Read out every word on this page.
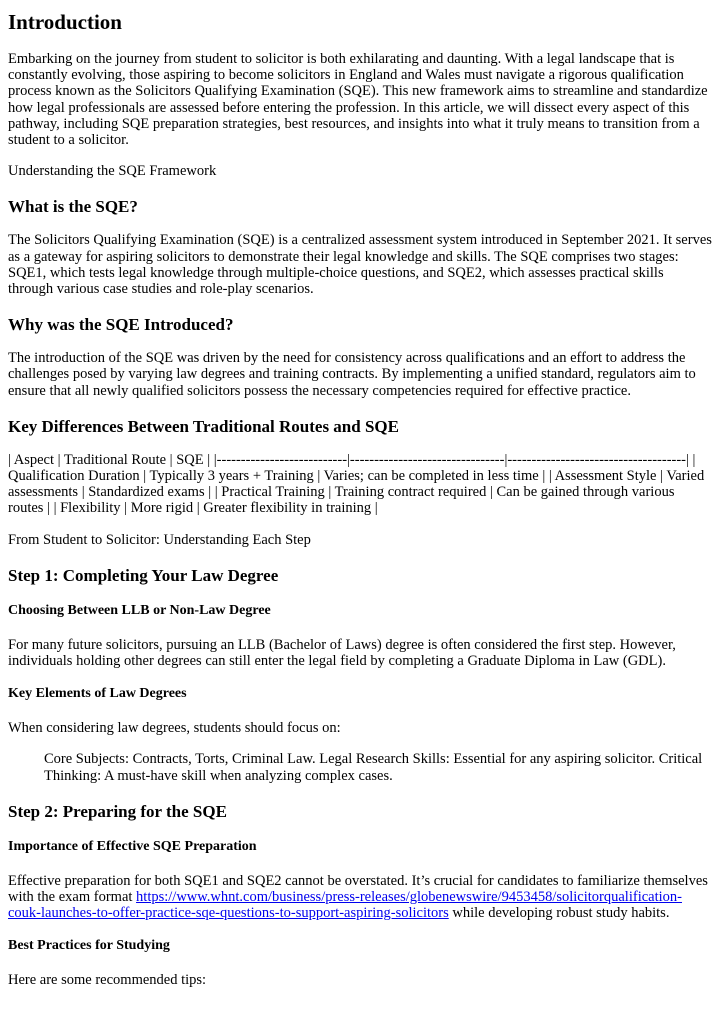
Introduction

Embarking on the journey from student to solicitor is both exhilarating and daunting. With a legal landscape that is constantly evolving, those aspiring to become solicitors in England and Wales must navigate a rigorous qualification process known as the Solicitors Qualifying Examination (SQE). This new framework aims to streamline and standardize how legal professionals are assessed before entering the profession. In this article, we will dissect every aspect of this pathway, including SQE preparation strategies, best resources, and insights into what it truly means to transition from a student to a solicitor.

Understanding the SQE Framework

What is the SQE?

The Solicitors Qualifying Examination (SQE) is a centralized assessment system introduced in September 2021. It serves as a gateway for aspiring solicitors to demonstrate their legal knowledge and skills. The SQE comprises two stages: SQE1, which tests legal knowledge through multiple-choice questions, and SQE2, which assesses practical skills through various case studies and role-play scenarios.

Why was the SQE Introduced?

The introduction of the SQE was driven by the need for consistency across qualifications and an effort to address the challenges posed by varying law degrees and training contracts. By implementing a unified standard, regulators aim to ensure that all newly qualified solicitors possess the necessary competencies required for effective practice.

Key Differences Between Traditional Routes and SQE

| Aspect | Traditional Route | SQE | |---------------------------|--------------------------------|-------------------------------------| | Qualification Duration | Typically 3 years + Training | Varies; can be completed in less time | | Assessment Style | Varied assessments | Standardized exams | | Practical Training | Training contract required | Can be gained through various routes | | Flexibility | More rigid | Greater flexibility in training |

From Student to Solicitor: Understanding Each Step

Step 1: Completing Your Law Degree
Choosing Between LLB or Non-Law Degree

For many future solicitors, pursuing an LLB (Bachelor of Laws) degree is often considered the first step. However, individuals holding other degrees can still enter the legal field by completing a Graduate Diploma in Law (GDL).

Key Elements of Law Degrees

When considering law degrees, students should focus on:

Core Subjects: Contracts, Torts, Criminal Law. Legal Research Skills: Essential for any aspiring solicitor. Critical Thinking: A must-have skill when analyzing complex cases.
Step 2: Preparing for the SQE
Importance of Effective SQE Preparation

Effective preparation for both SQE1 and SQE2 cannot be overstated. It’s crucial for candidates to familiarize themselves with the exam format https://www.whnt.com/business/press-releases/globenewswire/9453458/solicitorqualification-couk-launches-to-offer-practice-sqe-questions-to-support-aspiring-solicitors while developing robust study habits.

Best Practices for Studying

Here are some recommended tips:
